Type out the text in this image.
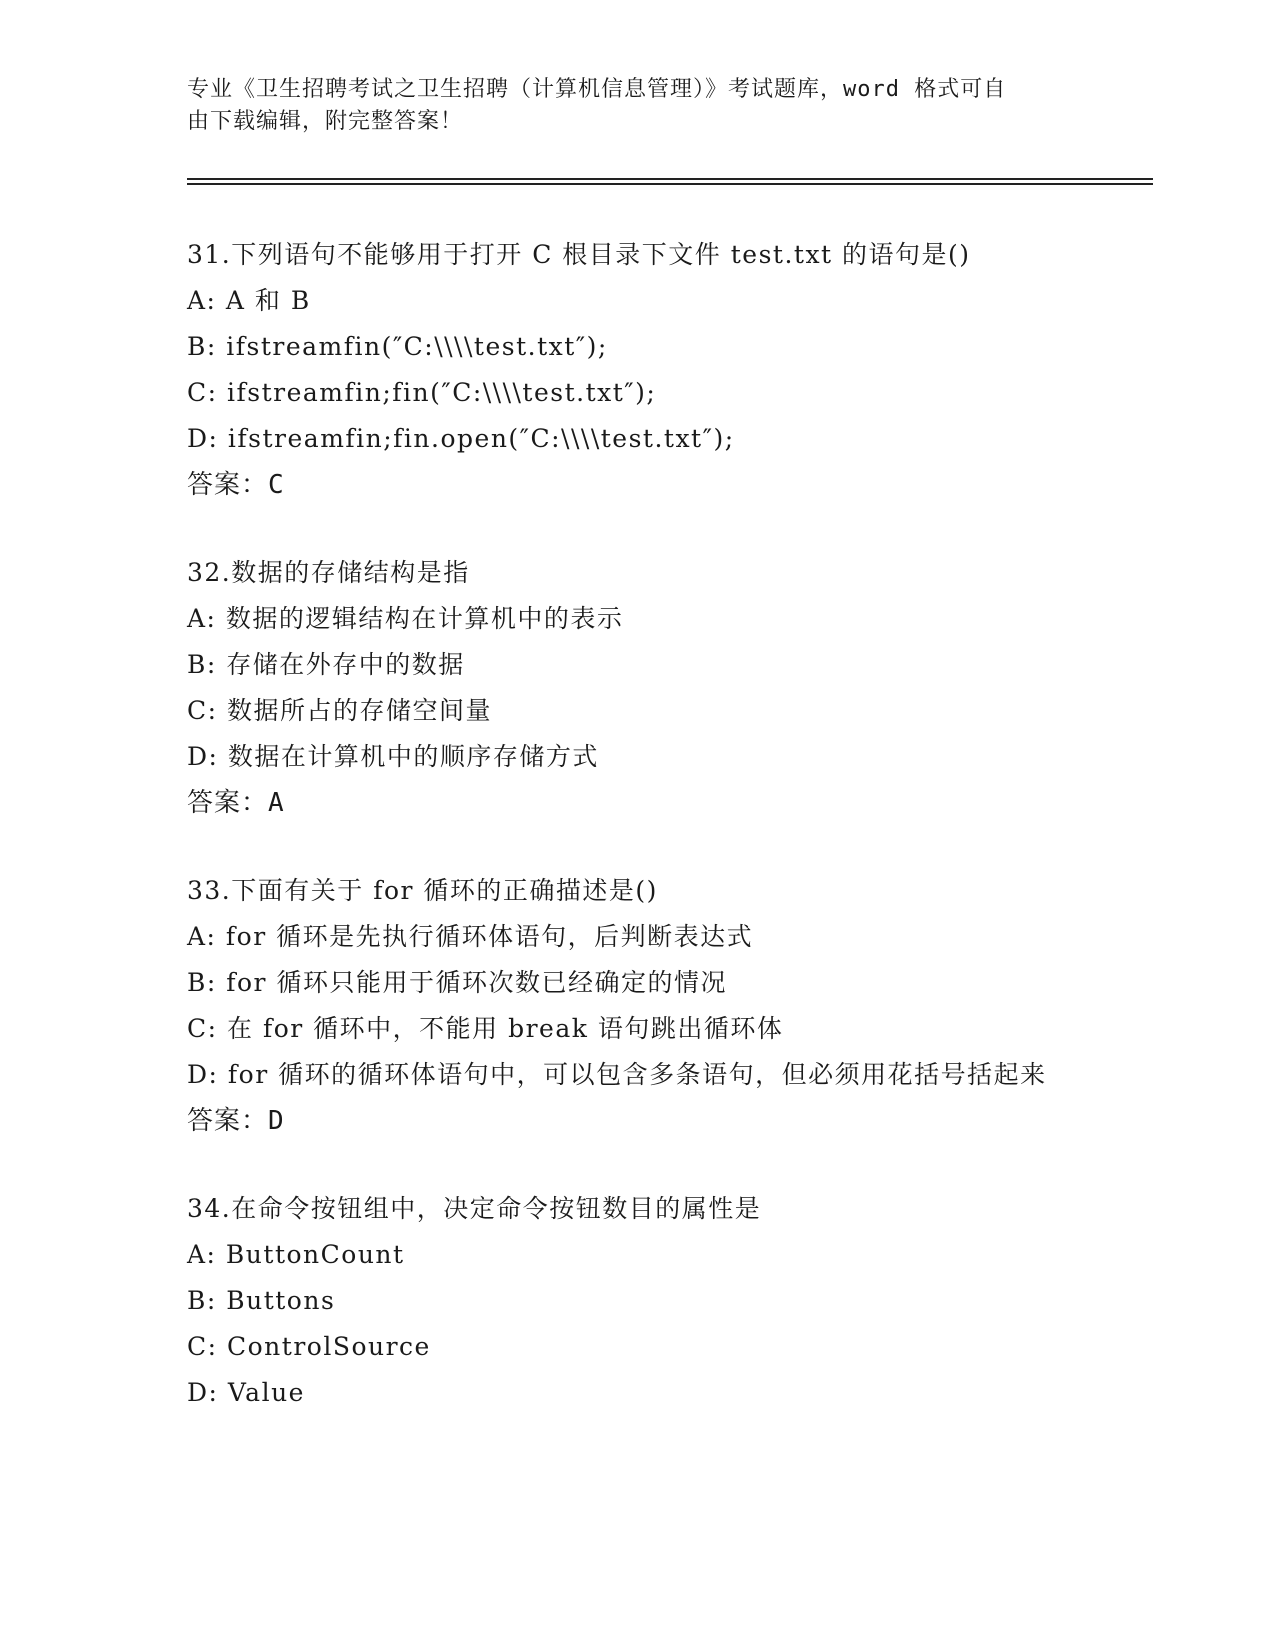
专业《卫生招聘考试之卫生招聘（计算机信息管理）》考试题库，word 格式可自
由下载编辑，附完整答案！
31.下列语句不能够用于打开 C 根目录下文件 test.txt 的语句是()
A: A 和 B
B: ifstreamfin(″C:\\\\test.txt″);
C: ifstreamfin;fin(″C:\\\\test.txt″);
D: ifstreamfin;fin.open(″C:\\\\test.txt″);
答案：C
32.数据的存储结构是指
A: 数据的逻辑结构在计算机中的表示
B: 存储在外存中的数据
C: 数据所占的存储空间量
D: 数据在计算机中的顺序存储方式
答案：A
33.下面有关于 for 循环的正确描述是()
A: for 循环是先执行循环体语句，后判断表达式
B: for 循环只能用于循环次数已经确定的情况
C: 在 for 循环中，不能用 break 语句跳出循环体
D: for 循环的循环体语句中，可以包含多条语句，但必须用花括号括起来
答案：D
34.在命令按钮组中，决定命令按钮数目的属性是
A: ButtonCount
B: Buttons
C: ControlSource
D: Value
